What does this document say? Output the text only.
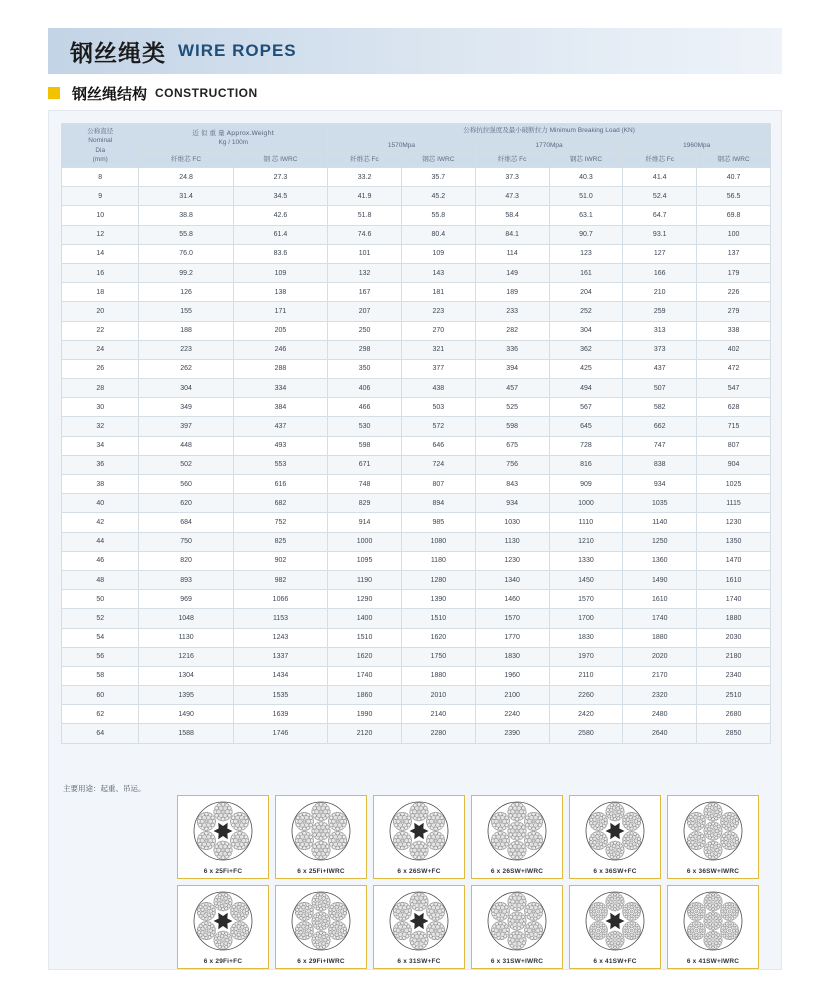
钢丝绳类 WIRE ROPES
钢丝绳结构 CONSTRUCTION
公称直径
Nominal
Dia
(mm)	近 似 重 量 Approx.Weight
Kg / 100m		公称抗拉强度及最小破断拉力 Minimum Breaking Load (KN)					
			1570Mpa		1770Mpa		1960Mpa	
	纤维芯 FC	钢 芯 IWRC	纤维芯 Fc	钢芯 IWRC	纤维芯 Fc	钢芯 IWRC	纤维芯 Fc	钢芯 IWRC
8	24.8	27.3	33.2	35.7	37.3	40.3	41.4	40.7
9	31.4	34.5	41.9	45.2	47.3	51.0	52.4	56.5
10	38.8	42.6	51.8	55.8	58.4	63.1	64.7	69.8
12	55.8	61.4	74.6	80.4	84.1	90.7	93.1	100
14	76.0	83.6	101	109	114	123	127	137
16	99.2	109	132	143	149	161	166	179
18	126	138	167	181	189	204	210	226
20	155	171	207	223	233	252	259	279
22	188	205	250	270	282	304	313	338
24	223	246	298	321	336	362	373	402
26	262	288	350	377	394	425	437	472
28	304	334	406	438	457	494	507	547
30	349	384	466	503	525	567	582	628
32	397	437	530	572	598	645	662	715
34	448	493	598	646	675	728	747	807
36	502	553	671	724	756	816	838	904
38	560	616	748	807	843	909	934	1025
40	620	682	829	894	934	1000	1035	1115
42	684	752	914	985	1030	1110	1140	1230
44	750	825	1000	1080	1130	1210	1250	1350
46	820	902	1095	1180	1230	1330	1360	1470
48	893	982	1190	1280	1340	1450	1490	1610
50	969	1066	1290	1390	1460	1570	1610	1740
52	1048	1153	1400	1510	1570	1700	1740	1880
54	1130	1243	1510	1620	1770	1830	1880	2030
56	1216	1337	1620	1750	1830	1970	2020	2180
58	1304	1434	1740	1880	1960	2110	2170	2340
60	1395	1535	1860	2010	2100	2260	2320	2510
62	1490	1639	1990	2140	2240	2420	2480	2680
64	1588	1746	2120	2280	2390	2580	2640	2850
主要用途：起重、吊运。
6 x 25Fi+FC	6 x 25Fi+IWRC	6 x 26SW+FC	6 x 26SW+IWRC	6 x 36SW+FC	6 x 36SW+IWRC
6 x 29Fi+FC	6 x 29Fi+IWRC	6 x 31SW+FC	6 x 31SW+IWRC	6 x 41SW+FC	6 x 41SW+IWRC
